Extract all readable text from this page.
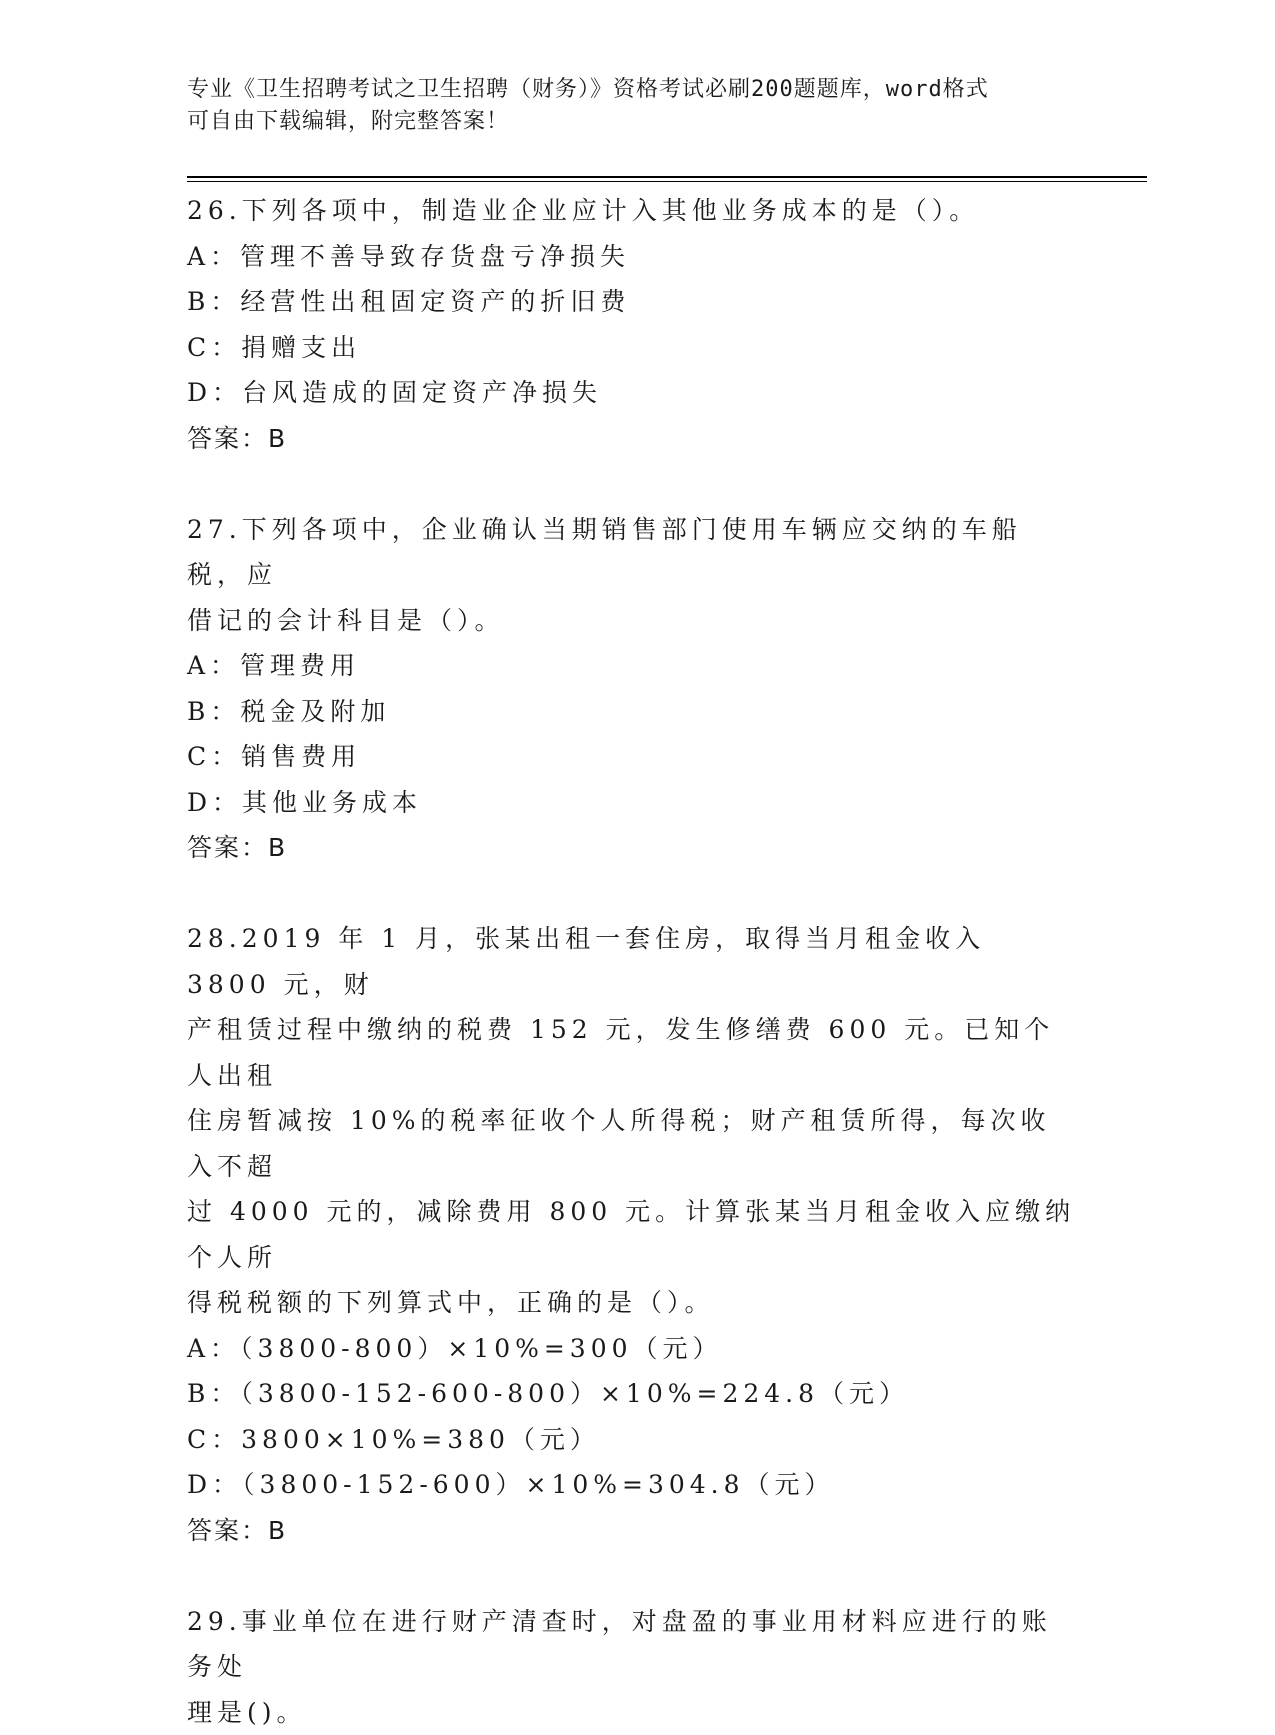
专业《卫生招聘考试之卫生招聘（财务）》资格考试必刷200题题库，word格式
可自由下载编辑，附完整答案！

26.下列各项中，制造业企业应计入其他业务成本的是（）。

A：管理不善导致存货盘亏净损失

B：经营性出租固定资产的折旧费

C：捐赠支出

D：台风造成的固定资产净损失

答案：B

27.下列各项中，企业确认当期销售部门使用车辆应交纳的车船税，应

借记的会计科目是（）。

A：管理费用

B：税金及附加

C：销售费用

D：其他业务成本

答案：B

28.2019 年 1 月，张某出租一套住房，取得当月租金收入 3800 元，财

产租赁过程中缴纳的税费 152 元，发生修缮费 600 元。已知个人出租

住房暂减按 10%的税率征收个人所得税；财产租赁所得，每次收入不超

过 4000 元的，减除费用 800 元。计算张某当月租金收入应缴纳个人所

得税税额的下列算式中，正确的是（）。

A：（3800-800）×10%=300（元）

B：（3800-152-600-800）×10%=224.8（元）

C：3800×10%=380（元）

D：（3800-152-600）×10%=304.8（元）

答案：B

29.事业单位在进行财产清查时，对盘盈的事业用材料应进行的账务处

理是()。
